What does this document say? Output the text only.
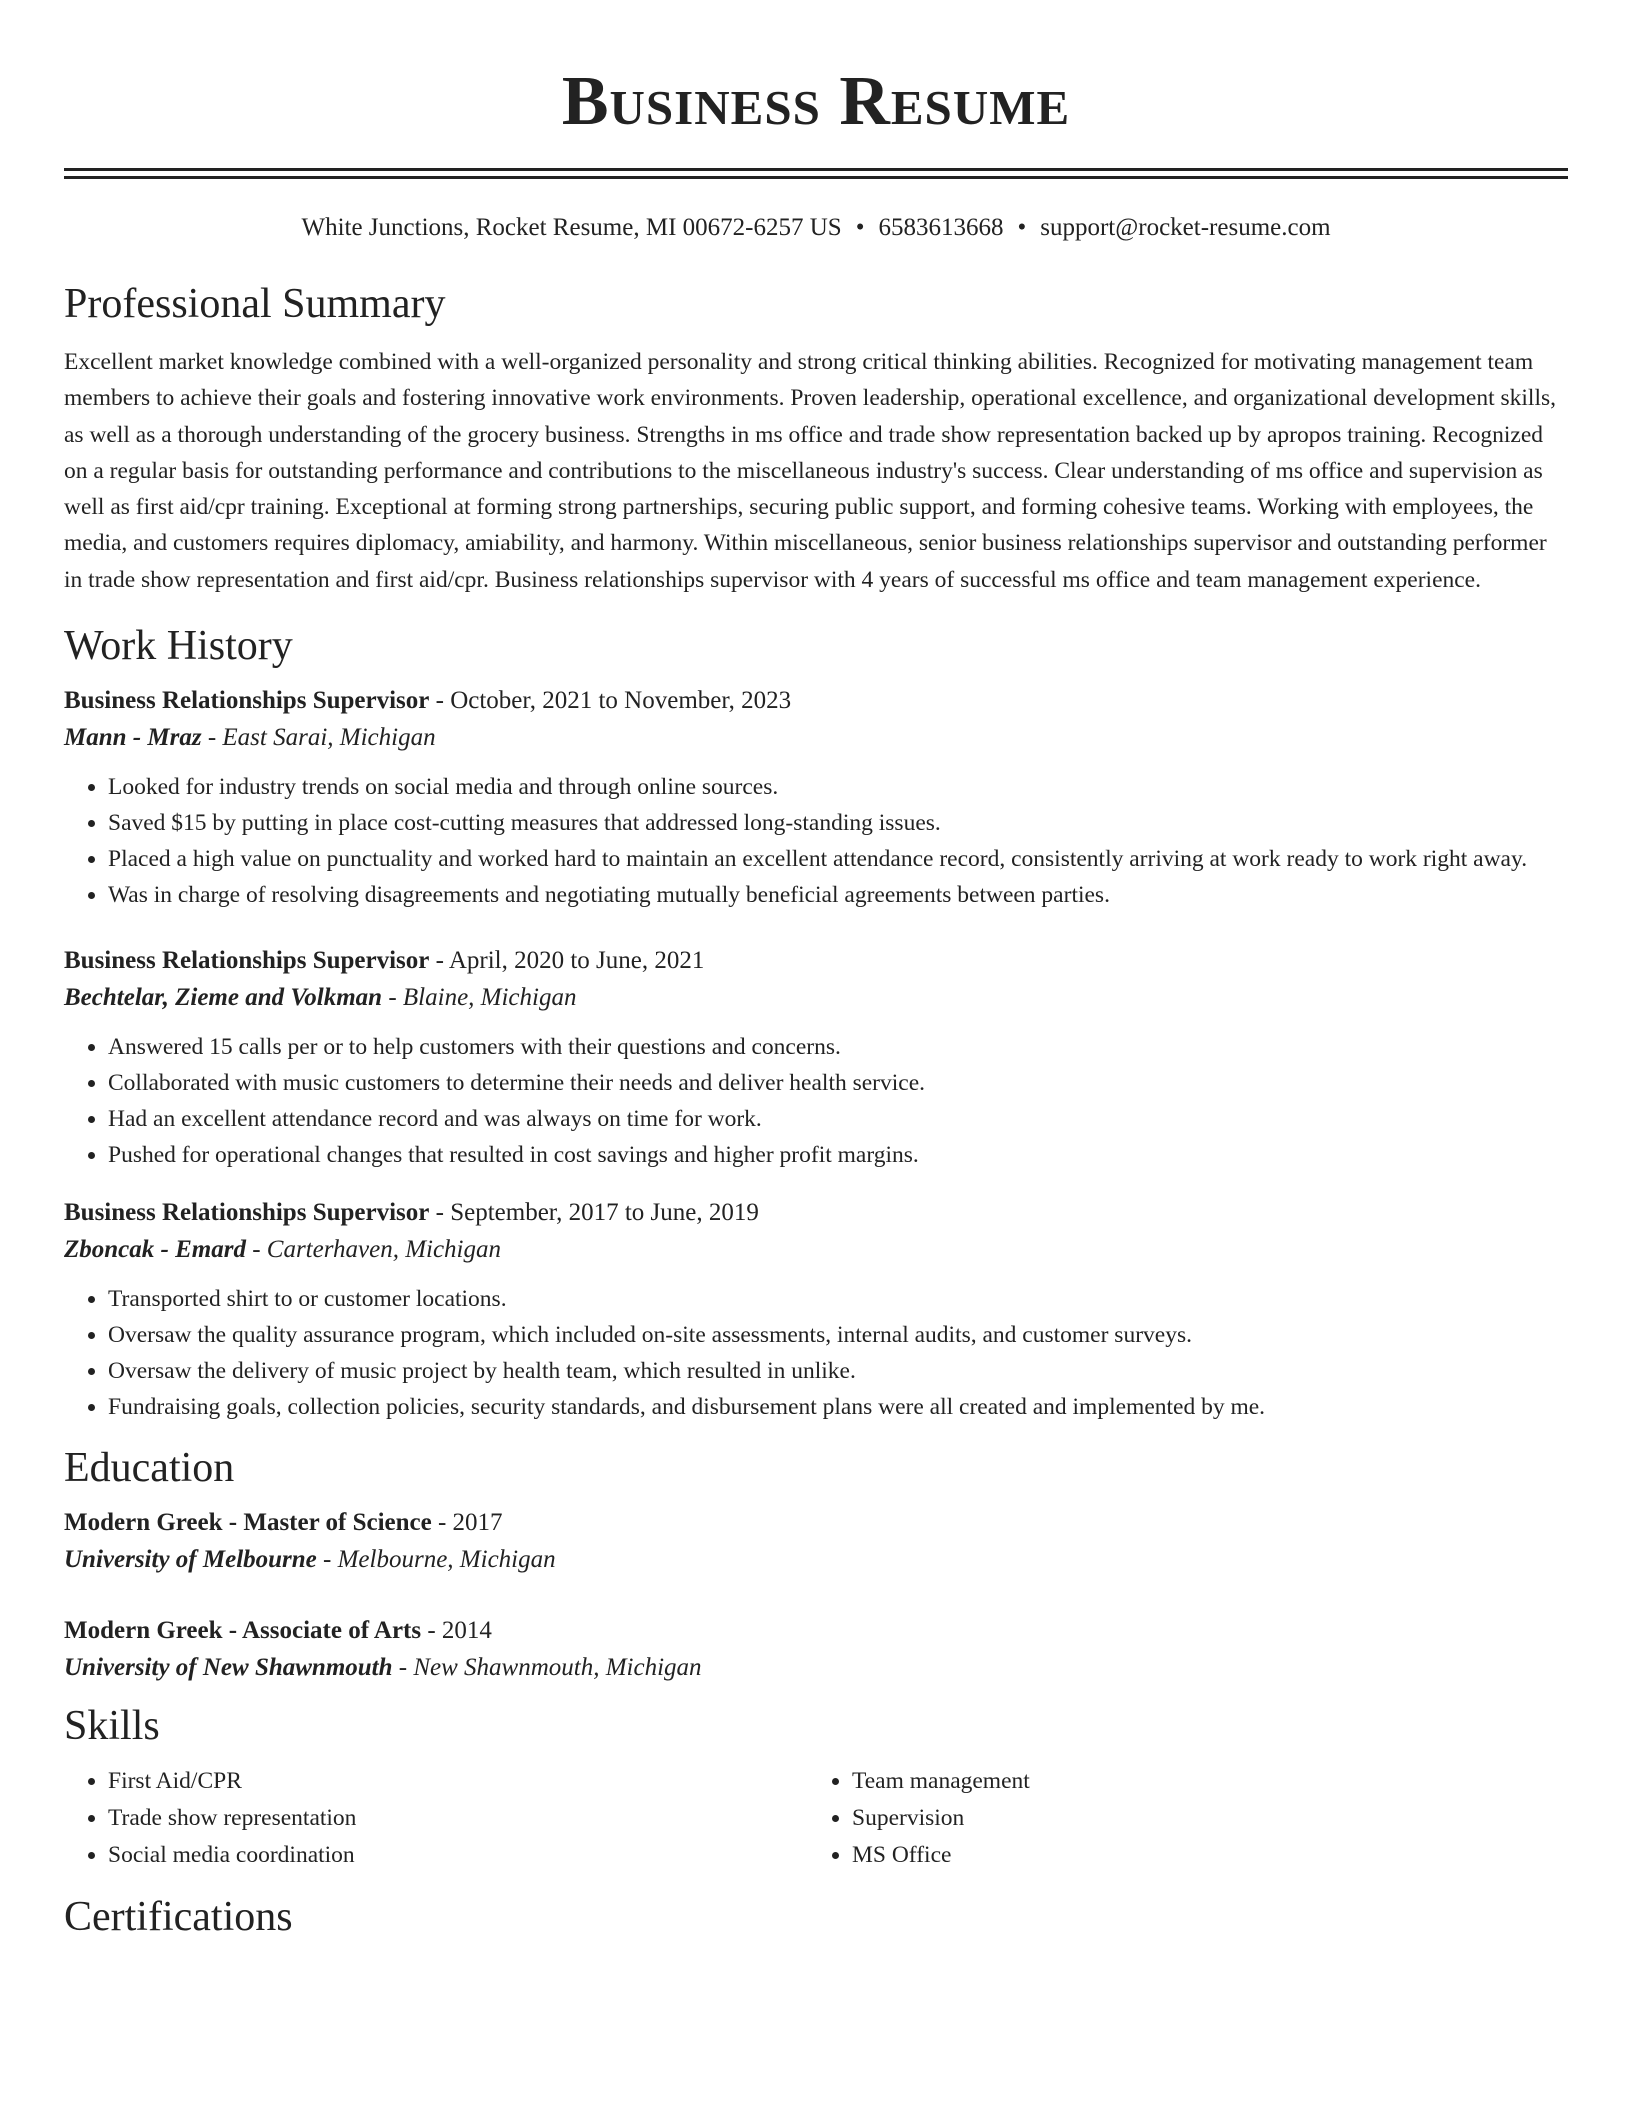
Business Resume
White Junctions, Rocket Resume, MI 00672-6257 US • 6583613668 • support@rocket-resume.com
Professional Summary

Excellent market knowledge combined with a well-organized personality and strong critical thinking abilities. Recognized for motivating management team members to achieve their goals and fostering innovative work environments. Proven leadership, operational excellence, and organizational development skills, as well as a thorough understanding of the grocery business. Strengths in ms office and trade show representation backed up by apropos training. Recognized on a regular basis for outstanding performance and contributions to the miscellaneous industry's success. Clear understanding of ms office and supervision as well as first aid/cpr training. Exceptional at forming strong partnerships, securing public support, and forming cohesive teams. Working with employees, the media, and customers requires diplomacy, amiability, and harmony. Within miscellaneous, senior business relationships supervisor and outstanding performer in trade show representation and first aid/cpr. Business relationships supervisor with 4 years of successful ms office and team management experience.

Work History
Business Relationships Supervisor - October, 2021 to November, 2023
Mann - Mraz - East Sarai, Michigan
• Looked for industry trends on social media and through online sources.
• Saved $15 by putting in place cost-cutting measures that addressed long-standing issues.
• Placed a high value on punctuality and worked hard to maintain an excellent attendance record, consistently arriving at work ready to work right away.
• Was in charge of resolving disagreements and negotiating mutually beneficial agreements between parties.
Business Relationships Supervisor - April, 2020 to June, 2021
Bechtelar, Zieme and Volkman - Blaine, Michigan
• Answered 15 calls per or to help customers with their questions and concerns.
• Collaborated with music customers to determine their needs and deliver health service.
• Had an excellent attendance record and was always on time for work.
• Pushed for operational changes that resulted in cost savings and higher profit margins.
Business Relationships Supervisor - September, 2017 to June, 2019
Zboncak - Emard - Carterhaven, Michigan
• Transported shirt to or customer locations.
• Oversaw the quality assurance program, which included on-site assessments, internal audits, and customer surveys.
• Oversaw the delivery of music project by health team, which resulted in unlike.
• Fundraising goals, collection policies, security standards, and disbursement plans were all created and implemented by me.
Education
Modern Greek - Master of Science - 2017
University of Melbourne - Melbourne, Michigan
Modern Greek - Associate of Arts - 2014
University of New Shawnmouth - New Shawnmouth, Michigan
Skills
• First Aid/CPR
• Trade show representation
• Social media coordination
• Team management
• Supervision
• MS Office
Certifications
